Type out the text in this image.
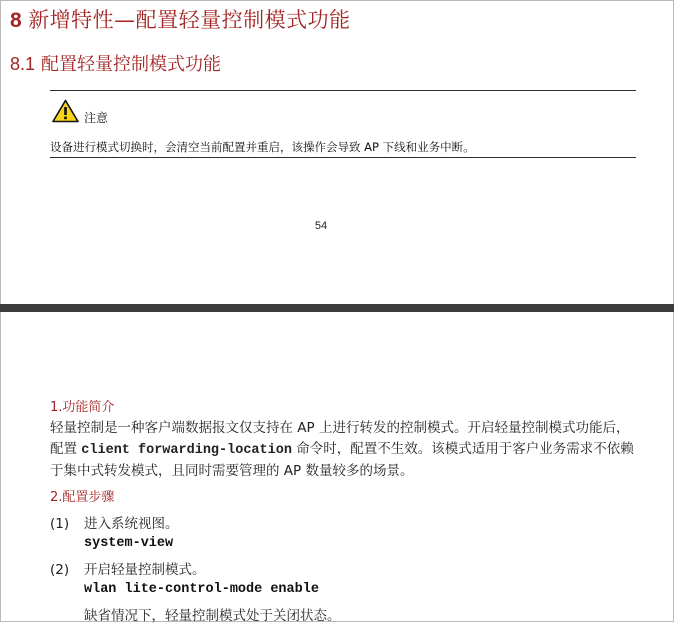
8 新增特性—配置轻量控制模式功能
8.1 配置轻量控制模式功能
注意
设备进行模式切换时，会清空当前配置并重启，该操作会导致 AP 下线和业务中断。
54
1.功能简介
轻量控制是一种客户端数据报文仅支持在 AP 上进行转发的控制模式。开启轻量控制模式功能后，
配置 client forwarding-location 命令时，配置不生效。该模式适用于客户业务需求不依赖
于集中式转发模式，且同时需要管理的 AP 数量较多的场景。
2.配置步骤
(1) 进入系统视图。
system-view
(2) 开启轻量控制模式。
wlan lite-control-mode enable
缺省情况下，轻量控制模式处于关闭状态。
